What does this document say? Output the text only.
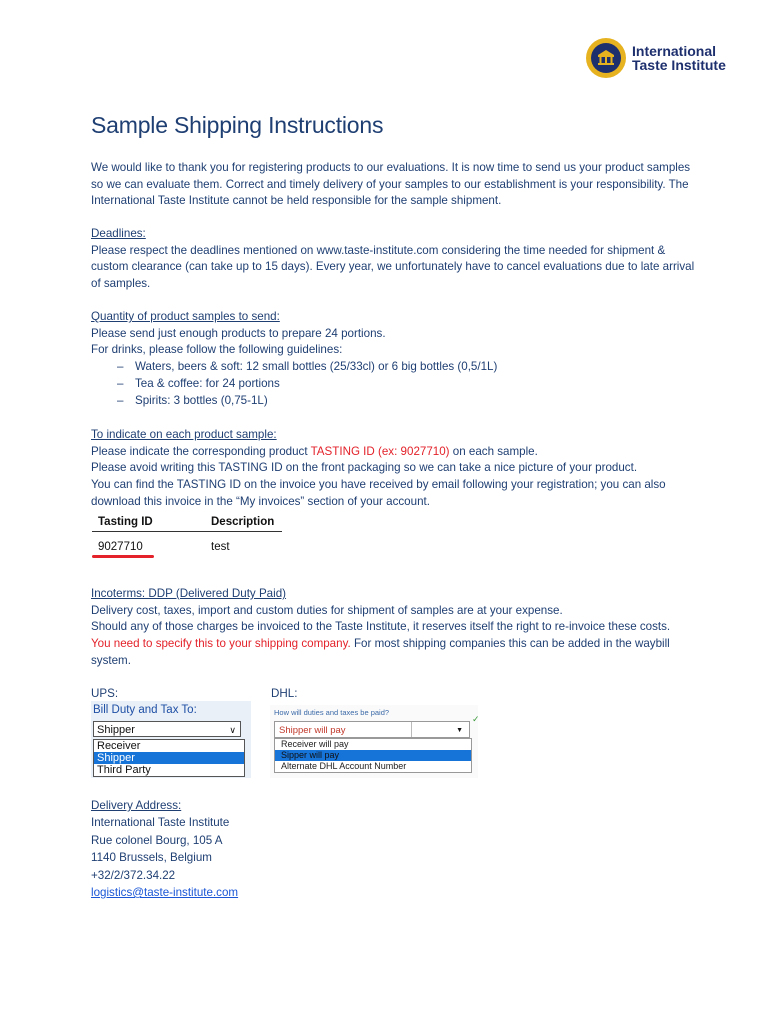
International
Taste Institute
Sample Shipping Instructions

We would like to thank you for registering products to our evaluations. It is now time to send us your product samples so we can evaluate them. Correct and timely delivery of your samples to our establishment is your responsibility. The International Taste Institute cannot be held responsible for the sample shipment.

Deadlines:

Please respect the deadlines mentioned on www.taste-institute.com considering the time needed for shipment & custom clearance (can take up to 15 days). Every year, we unfortunately have to cancel evaluations due to late arrival of samples.

Quantity of product samples to send:

Please send just enough products to prepare 24 portions.

For drinks, please follow the following guidelines:

– Waters, beers & soft: 12 small bottles (25/33cl) or 6 big bottles (0,5/1L)
– Tea & coffee: for 24 portions
– Spirits: 3 bottles (0,75-1L)

To indicate on each product sample:

Please indicate the corresponding product TASTING ID (ex: 9027710) on each sample.

Please avoid writing this TASTING ID on the front packaging so we can take a nice picture of your product.

You can find the TASTING ID on the invoice you have received by email following your registration; you can also download this invoice in the “My invoices” section of your account.

Tasting ID	Description
9027710	test

Incoterms: DDP (Delivered Duty Paid)

Delivery cost, taxes, import and custom duties for shipment of samples are at your expense.

Should any of those charges be invoiced to the Taste Institute, it reserves itself the right to re-invoice these costs.

You need to specify this to your shipping company. For most shipping companies this can be added in the waybill system.

UPS:
Bill Duty and Tax To:
Shipper	∨
Receiver
Shipper
Third Party
DHL:
How will duties and taxes be paid?
Shipper will pay	▼
✓
Receiver will pay
Sipper will pay
Alternate DHL Account Number
Delivery Address:
International Taste Institute
Rue colonel Bourg, 105 A
1140 Brussels, Belgium
+32/2/372.34.22
logistics@taste-institute.com
